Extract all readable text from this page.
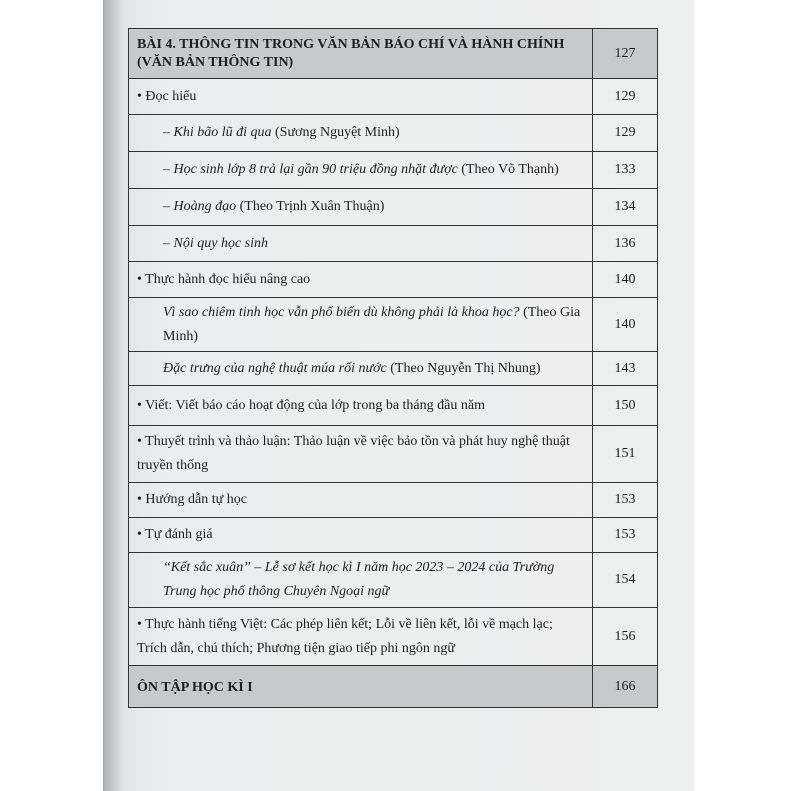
BÀI 4. THÔNG TIN TRONG VĂN BẢN BÁO CHÍ VÀ HÀNH CHÍNH (VĂN BẢN THÔNG TIN)	127
• Đọc hiểu	129
– Khi bão lũ đi qua (Sương Nguyệt Minh)	129
– Học sinh lớp 8 trả lại gần 90 triệu đồng nhặt được (Theo Võ Thạnh)	133
– Hoàng đạo (Theo Trịnh Xuân Thuận)	134
– Nội quy học sinh	136
• Thực hành đọc hiểu nâng cao	140
Vì sao chiêm tinh học vẫn phổ biến dù không phải là khoa học? (Theo Gia Minh)	140
Đặc trưng của nghệ thuật múa rối nước (Theo Nguyễn Thị Nhung)	143
• Viết: Viết báo cáo hoạt động của lớp trong ba tháng đầu năm	150
• Thuyết trình và thảo luận: Thảo luận về việc bảo tồn và phát huy nghệ thuật truyền thống	151
• Hướng dẫn tự học	153
• Tự đánh giá	153
“Kết sắc xuân” – Lễ sơ kết học kì I năm học 2023 – 2024 của Trường Trung học phổ thông Chuyên Ngoại ngữ	154
• Thực hành tiếng Việt: Các phép liên kết; Lỗi về liên kết, lỗi về mạch lạc; Trích dẫn, chú thích; Phương tiện giao tiếp phi ngôn ngữ	156
ÔN TẬP HỌC KÌ I	166
